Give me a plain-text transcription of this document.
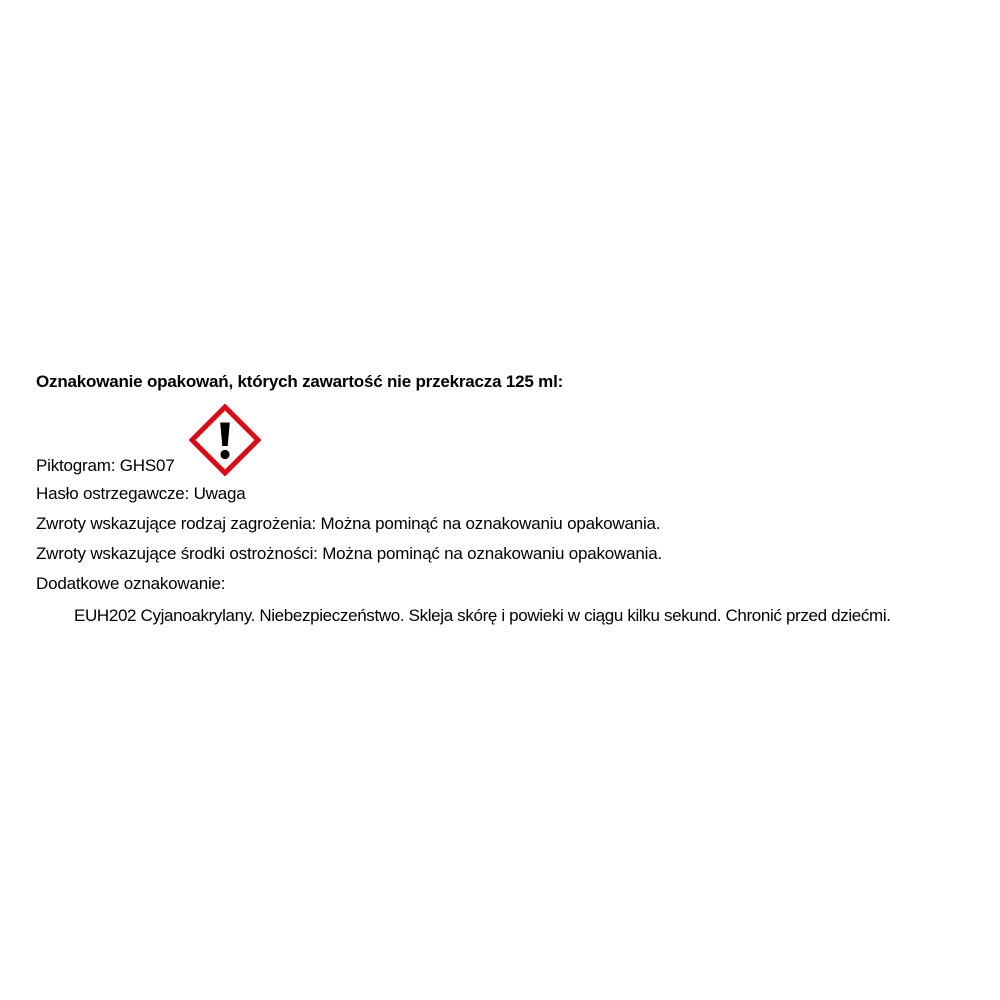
Oznakowanie opakowań, których zawartość nie przekracza 125 ml:
Piktogram: GHS07
Hasło ostrzegawcze: Uwaga
Zwroty wskazujące rodzaj zagrożenia: Można pominąć na oznakowaniu opakowania.
Zwroty wskazujące środki ostrożności: Można pominąć na oznakowaniu opakowania.
Dodatkowe oznakowanie:
EUH202 Cyjanoakrylany. Niebezpieczeństwo. Skleja skórę i powieki w ciągu kilku sekund. Chronić przed dziećmi.
